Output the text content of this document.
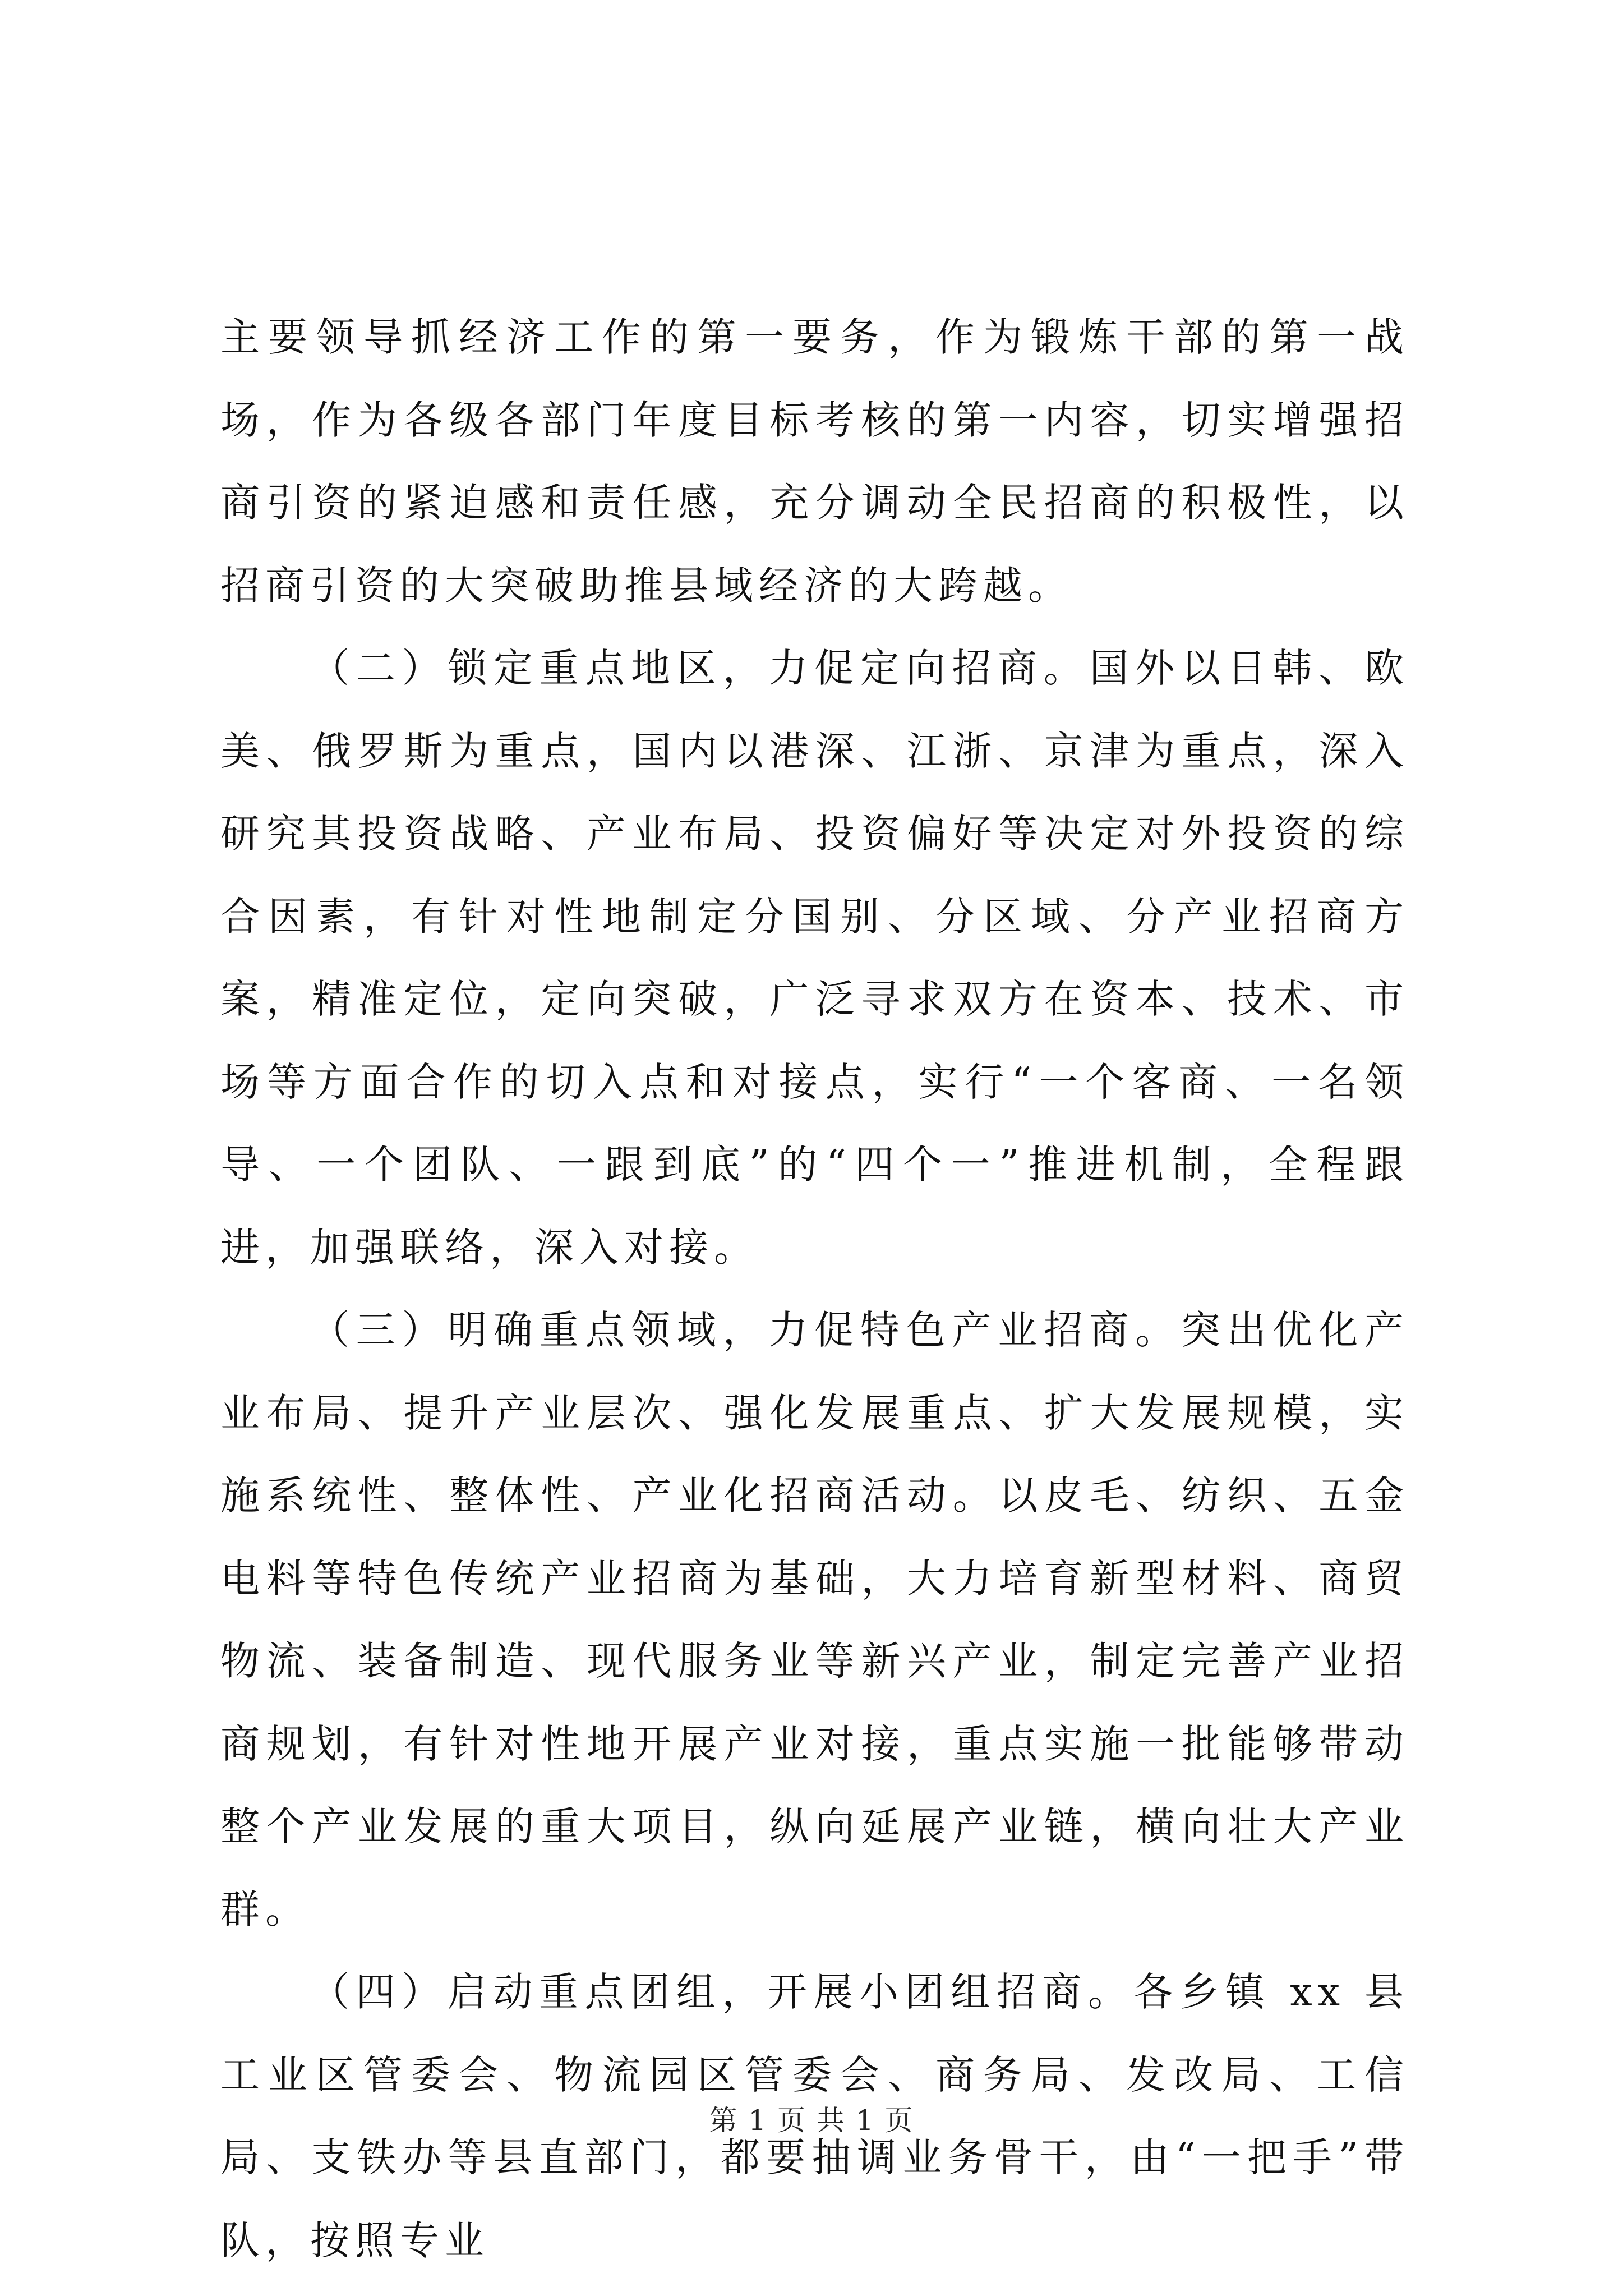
主要领导抓经济工作的第一要务，作为锻炼干部的第一战场，作为各级各部门年度目标考核的第一内容，切实增强招商引资的紧迫感和责任感，充分调动全民招商的积极性，以招商引资的大突破助推县域经济的大跨越。

（二）锁定重点地区，力促定向招商。国外以日韩、欧美、俄罗斯为重点，国内以港深、江浙、京津为重点，深入研究其投资战略、产业布局、投资偏好等决定对外投资的综合因素，有针对性地制定分国别、分区域、分产业招商方案，精准定位，定向突破，广泛寻求双方在资本、技术、市场等方面合作的切入点和对接点，实行“一个客商、一名领导、一个团队、一跟到底”的“四个一”推进机制，全程跟进，加强联络，深入对接。

（三）明确重点领域，力促特色产业招商。突出优化产业布局、提升产业层次、强化发展重点、扩大发展规模，实施系统性、整体性、产业化招商活动。以皮毛、纺织、五金电料等特色传统产业招商为基础，大力培育新型材料、商贸物流、装备制造、现代服务业等新兴产业，制定完善产业招商规划，有针对性地开展产业对接，重点实施一批能够带动整个产业发展的重大项目，纵向延展产业链，横向壮大产业群。

（四）启动重点团组，开展小团组招商。各乡镇 xx 县工业区管委会、物流园区管委会、商务局、发改局、工信局、支铁办等县直部门，都要抽调业务骨干，由“一把手”带队，按照专业

第 1 页 共 1 页
